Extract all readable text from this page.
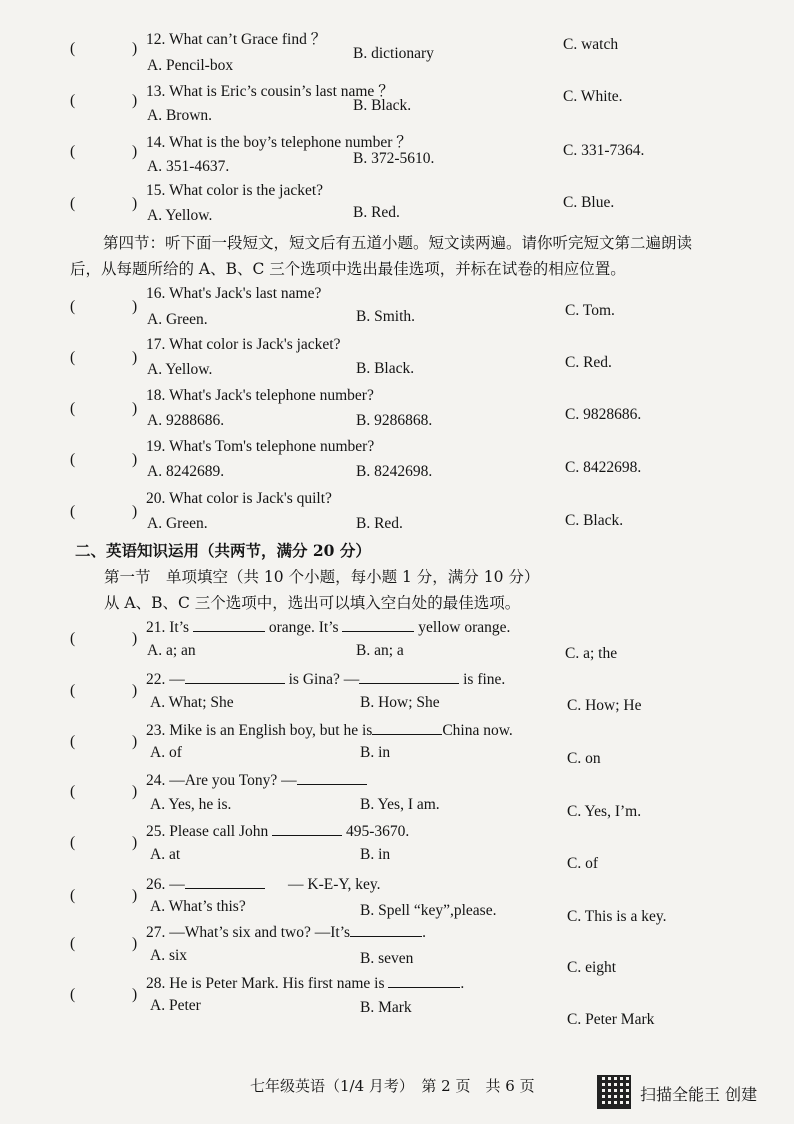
(	)
12. What can’t Grace find ？
A. Pencil-box
B. dictionary
C. watch
(	)
13. What is Eric’s cousin’s last name ？
A. Brown.
B. Black.
C. White.
(	)
14. What is the boy’s telephone number ？
A. 351-4637.	B. 372-5610.	C. 331-7364.
(	)
15. What color is the jacket?
A. Yellow.	B. Red.
C. Blue.
第四节：听下面一段短文，短文后有五道小题。短文读两遍。请你听完短文第二遍朗读
后，从每题所给的 A、B、C 三个选项中选出最佳选项，并标在试卷的相应位置。
(	)
16. What's Jack's last name?
A. Green.	B. Smith.	C. Tom.
(	)
17. What color is Jack's jacket?
A. Yellow.	B. Black.	C. Red.
(	)
18. What's Jack's telephone number?
A. 9288686.	B. 9286868.	C. 9828686.
(	)
19. What's Tom's telephone number?
A. 8242689.	B. 8242698.	C. 8422698.
(	)
20. What color is Jack's quilt?
A. Green.	B. Red.	C. Black.
二、英语知识运用（共两节，满分 20 分）
第一节　单项填空（共 10 个小题，每小题 1 分，满分 10 分）
从 A、B、C 三个选项中，选出可以填入空白处的最佳选项。
(	)
21. It’s	orange. It’s	yellow orange.
A. a; an	B. an; a	C. a; the
(	)
22. —	is Gina? —	is fine.
A. What; She	B. How; She	C. How; He
(	)
23. Mike is an English boy, but he is	China now.
A. of	B. in	C. on
(	)
24. —Are you Tony? —
A. Yes, he is.	B. Yes, I am.	C. Yes, I’m.
(	)
25. Please call John	495-3670.
A. at	B. in
C. of
(	)
26. —	— K-E-Y, key.
A. What’s this?	B. Spell “key”,please.	C. This is a key.
(	)
27. —What’s six and two? —It’s	.
A. six	B. seven
C. eight
(	)
28. He is Peter Mark. His first name is	.
A. Peter	B. Mark
C. Peter Mark
七年级英语（1/4 月考）　第 2 页　共 6 页	扫描全能王 创建
